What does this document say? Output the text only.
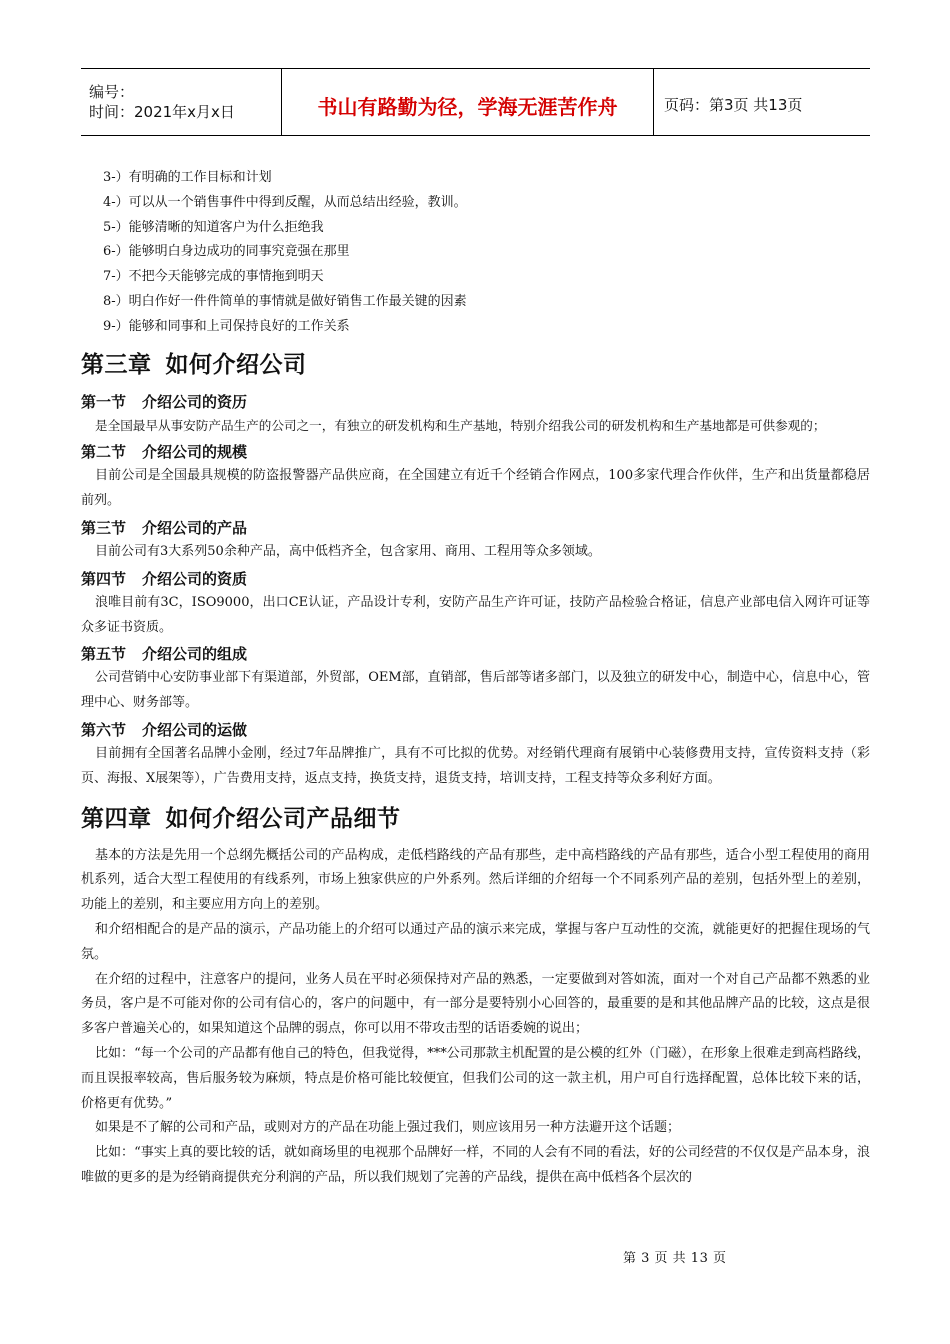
编号：
时间：2021年x月x日	书山有路勤为径，学海无涯苦作舟	页码：第3页 共13页
3-）有明确的工作目标和计划
4-）可以从一个销售事件中得到反醒，从而总结出经验，教训。
5-）能够清晰的知道客户为什么拒绝我
6-）能够明白身边成功的同事究竟强在那里
7-）不把今天能够完成的事情拖到明天
8-）明白作好一件件简单的事情就是做好销售工作最关键的因素
9-）能够和同事和上司保持良好的工作关系
第三章 如何介绍公司
第一节 介绍公司的资历

是全国最早从事安防产品生产的公司之一，有独立的研发机构和生产基地，特别介绍我公司的研发机构和生产基地都是可供参观的；

第二节 介绍公司的规模

目前公司是全国最具规模的防盗报警器产品供应商，在全国建立有近千个经销合作网点，100多家代理合作伙伴，生产和出货量都稳居前列。

第三节 介绍公司的产品

目前公司有3大系列50余种产品，高中低档齐全，包含家用、商用、工程用等众多领域。

第四节 介绍公司的资质

浪唯目前有3C，ISO9000，出口CE认证，产品设计专利，安防产品生产许可证，技防产品检验合格证，信息产业部电信入网许可证等众多证书资质。

第五节 介绍公司的组成

公司营销中心安防事业部下有渠道部，外贸部，OEM部，直销部，售后部等诸多部门，以及独立的研发中心，制造中心，信息中心，管理中心、财务部等。

第六节 介绍公司的运做

目前拥有全国著名品牌小金刚，经过7年品牌推广，具有不可比拟的优势。对经销代理商有展销中心装修费用支持，宣传资料支持（彩页、海报、X展架等），广告费用支持，返点支持，换货支持，退货支持，培训支持，工程支持等众多利好方面。

第四章 如何介绍公司产品细节

基本的方法是先用一个总纲先概括公司的产品构成，走低档路线的产品有那些，走中高档路线的产品有那些，适合小型工程使用的商用机系列，适合大型工程使用的有线系列，市场上独家供应的户外系列。然后详细的介绍每一个不同系列产品的差别，包括外型上的差别，功能上的差别，和主要应用方向上的差别。

和介绍相配合的是产品的演示，产品功能上的介绍可以通过产品的演示来完成，掌握与客户互动性的交流，就能更好的把握住现场的气氛。

在介绍的过程中，注意客户的提问，业务人员在平时必须保持对产品的熟悉，一定要做到对答如流，面对一个对自己产品都不熟悉的业务员，客户是不可能对你的公司有信心的，客户的问题中，有一部分是要特别小心回答的，最重要的是和其他品牌产品的比较，这点是很多客户普遍关心的，如果知道这个品牌的弱点，你可以用不带攻击型的话语委婉的说出；

比如：“每一个公司的产品都有他自己的特色，但我觉得，***公司那款主机配置的是公模的红外（门磁），在形象上很难走到高档路线，而且误报率较高，售后服务较为麻烦，特点是价格可能比较便宜，但我们公司的这一款主机，用户可自行选择配置，总体比较下来的话，价格更有优势。”

如果是不了解的公司和产品，或则对方的产品在功能上强过我们，则应该用另一种方法避开这个话题；

比如：“事实上真的要比较的话，就如商场里的电视那个品牌好一样，不同的人会有不同的看法，好的公司经营的不仅仅是产品本身，浪唯做的更多的是为经销商提供充分利润的产品，所以我们规划了完善的产品线，提供在高中低档各个层次的

第 3 页 共 13 页
